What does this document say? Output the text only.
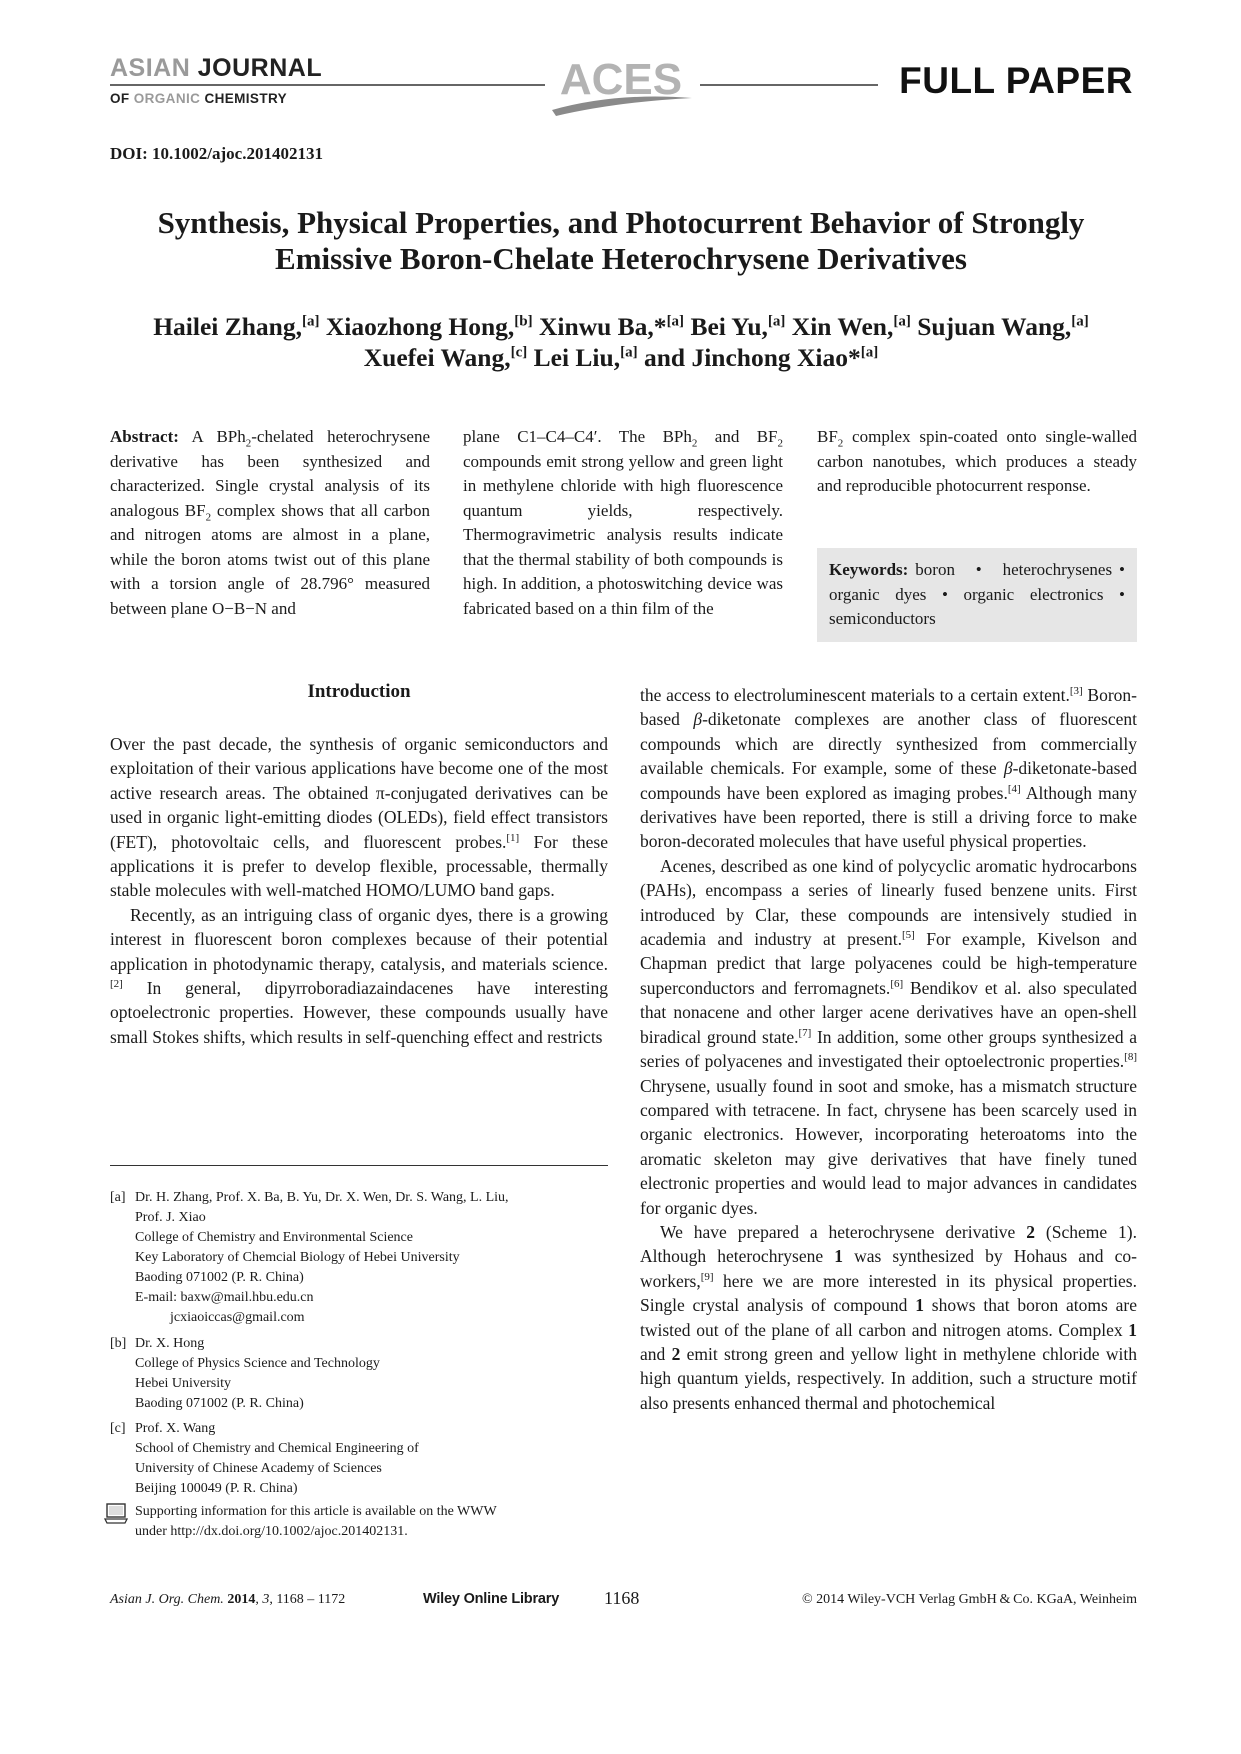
ASIAN JOURNAL
OF ORGANIC CHEMISTRY	ACES	FULL PAPER
DOI: 10.1002/ajoc.201402131
Synthesis, Physical Properties, and Photocurrent Behavior of Strongly
Emissive Boron-Chelate Heterochrysene Derivatives
Hailei Zhang,[a] Xiaozhong Hong,[b] Xinwu Ba,*[a] Bei Yu,[a] Xin Wen,[a] Sujuan Wang,[a]
Xuefei Wang,[c] Lei Liu,[a] and Jinchong Xiao*[a]
Abstract: A BPh$_2$-chelated heterochrysene derivative has been synthesized and characterized. Single crystal analysis of its analogous $BF_2$ complex shows that all carbon and nitrogen atoms are almost in a plane, while the boron atoms twist out of this plane with a torsion angle of 28.796° measured between plane O−B−N and
plane C1–C4–C4′. The BPh$_2$ and $BF_2$ compounds emit strong yellow and green light in methylene chloride with high fluorescence quantum yields, respectively. Thermogravimetric analysis results indicate that the thermal stability of both compounds is high. In addition, a photoswitching device was fabricated based on a thin film of the
$BF_2$ complex spin-coated onto single-walled carbon nanotubes, which produces a steady and reproducible photocurrent response.
Keywords: boron   •   heterochrysenes • organic dyes • organic electronics • semiconductors
Introduction

Over the past decade, the synthesis of organic semiconductors and exploitation of their various applications have become one of the most active research areas. The obtained π-conjugated derivatives can be used in organic light-emitting diodes (OLEDs), field effect transistors (FET), photovoltaic cells, and fluorescent probes.[1] For these applications it is prefer to develop flexible, processable, thermally stable molecules with well-matched HOMO/LUMO band gaps.

Recently, as an intriguing class of organic dyes, there is a growing interest in fluorescent boron complexes because of their potential application in photodynamic therapy, catalysis, and materials science.[2] In general, dipyrroboradiazaindacenes have interesting optoelectronic properties. However, these compounds usually have small Stokes shifts, which results in self-quenching effect and restricts

the access to electroluminescent materials to a certain extent.[3] Boron-based β-diketonate complexes are another class of fluorescent compounds which are directly synthesized from commercially available chemicals. For example, some of these β-diketonate-based compounds have been explored as imaging probes.[4] Although many derivatives have been reported, there is still a driving force to make boron-decorated molecules that have useful physical properties.

Acenes, described as one kind of polycyclic aromatic hydrocarbons (PAHs), encompass a series of linearly fused benzene units. First introduced by Clar, these compounds are intensively studied in academia and industry at present.[5] For example, Kivelson and Chapman predict that large polyacenes could be high-temperature superconductors and ferromagnets.[6] Bendikov et al. also speculated that nonacene and other larger acene derivatives have an open-shell biradical ground state.[7] In addition, some other groups synthesized a series of polyacenes and investigated their optoelectronic properties.[8] Chrysene, usually found in soot and smoke, has a mismatch structure compared with tetracene. In fact, chrysene has been scarcely used in organic electronics. However, incorporating heteroatoms into the aromatic skeleton may give derivatives that have finely tuned electronic properties and would lead to major advances in candidates for organic dyes.

We have prepared a heterochrysene derivative 2 (Scheme 1). Although heterochrysene 1 was synthesized by Hohaus and co-workers,[9] here we are more interested in its physical properties. Single crystal analysis of compound 1 shows that boron atoms are twisted out of the plane of all carbon and nitrogen atoms. Complex 1 and 2 emit strong green and yellow light in methylene chloride with high quantum yields, respectively. In addition, such a structure motif also presents enhanced thermal and photochemical

[a] Dr. H. Zhang, Prof. X. Ba, B. Yu, Dr. X. Wen, Dr. S. Wang, L. Liu,
Prof. J. Xiao
College of Chemistry and Environmental Science
Key Laboratory of Chemcial Biology of Hebei University
Baoding 071002 (P. R. China)
E-mail: baxw@mail.hbu.edu.cn
jcxiaoiccas@gmail.com
[b] Dr. X. Hong
College of Physics Science and Technology
Hebei University
Baoding 071002 (P. R. China)
[c] Prof. X. Wang
School of Chemistry and Chemical Engineering of
University of Chinese Academy of Sciences
Beijing 100049 (P. R. China)
Supporting information for this article is available on the WWW
under http://dx.doi.org/10.1002/ajoc.201402131.
Asian J. Org. Chem. 2014, 3, 1168 – 1172	Wiley Online Library 1168	© 2014 Wiley-VCH Verlag GmbH & Co. KGaA, Weinheim
